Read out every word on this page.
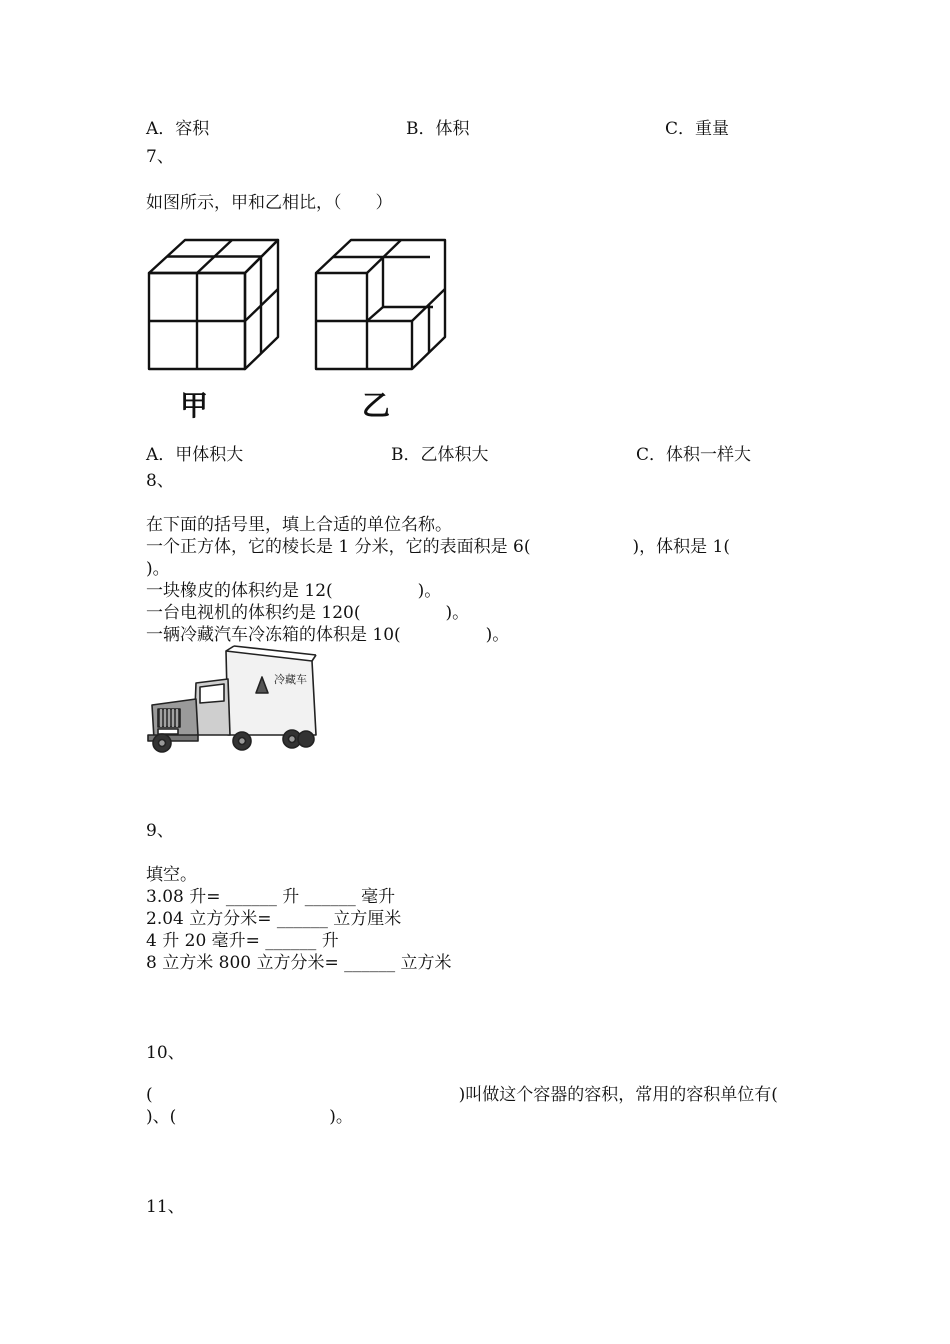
A．容积	B．体积	C．重量
7、
如图所示，甲和乙相比，（　　）
甲	乙
A．甲体积大	B．乙体积大	C．体积一样大
8、
在下面的括号里，填上合适的单位名称。
一个正方体，它的棱长是 1 分米，它的表面积是 6(　　　　　　)，体积是 1(
)。
一块橡皮的体积约是 12(　　　　　)。
一台电视机的体积约是 120(　　　　　)。
一辆冷藏汽车冷冻箱的体积是 10(　　　　　)。
冷藏车
9、
填空。
3.08 升= ______ 升 ______ 毫升
2.04 立方分米= ______ 立方厘米
4 升 20 毫升= ______ 升
8 立方米 800 立方分米= ______ 立方米
10、
(　　　　　　　　　　　　　　　　　　)叫做这个容器的容积，常用的容积单位有(
)、(　　　　　　　　　)。
11、
